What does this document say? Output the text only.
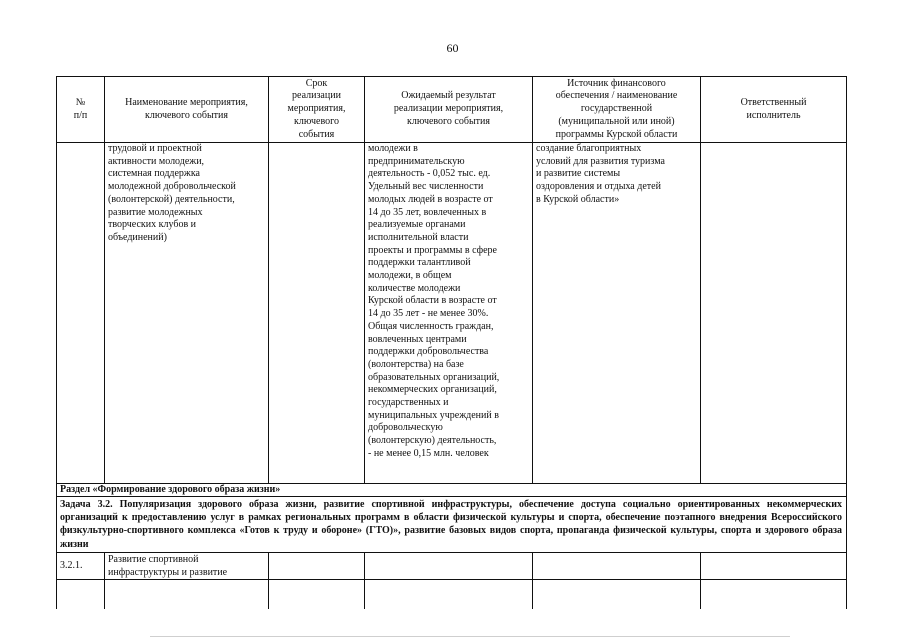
60
№
п/п
Наименование мероприятия,
ключевого события
Срок
реализации
мероприятия,
ключевого
события
Ожидаемый результат
реализации мероприятия,
ключевого события
Источник финансового
обеспечения / наименование
государственной
(муниципальной или иной)
программы Курской области
Ответственный
исполнитель
трудовой и проектной
активности молодежи,
системная поддержка
молодежной добровольческой
(волонтерской) деятельности,
развитие молодежных
творческих клубов и
объединений)
молодежи в
предпринимательскую
деятельность - 0,052 тыс. ед.
Удельный вес численности
молодых людей в возрасте от
14 до 35 лет, вовлеченных в
реализуемые органами
исполнительной власти
проекты и программы в сфере
поддержки талантливой
молодежи, в общем
количестве молодежи
Курской области в возрасте от
14 до 35 лет - не менее 30%.
Общая численность граждан,
вовлеченных центрами
поддержки добровольчества
(волонтерства) на базе
образовательных организаций,
некоммерческих организаций,
государственных и
муниципальных учреждений в
добровольческую
(волонтерскую) деятельность,
- не менее 0,15 млн. человек
создание благоприятных
условий для развития туризма
и развитие системы
оздоровления и отдыха детей
в Курской области»
Раздел «Формирование здорового образа жизни»
Задача 3.2. Популяризация здорового образа жизни, развитие спортивной инфраструктуры, обеспечение доступа социально ориентированных некоммерческих организаций к предоставлению услуг в рамках региональных программ в области физической культуры и спорта, обеспечение поэтапного внедрения Всероссийского физкультурно-спортивного комплекса «Готов к труду и обороне» (ГТО)», развитие базовых видов спорта, пропаганда физической культуры, спорта и здорового образа жизни
3.2.1.
Развитие спортивной
инфраструктуры и развитие
